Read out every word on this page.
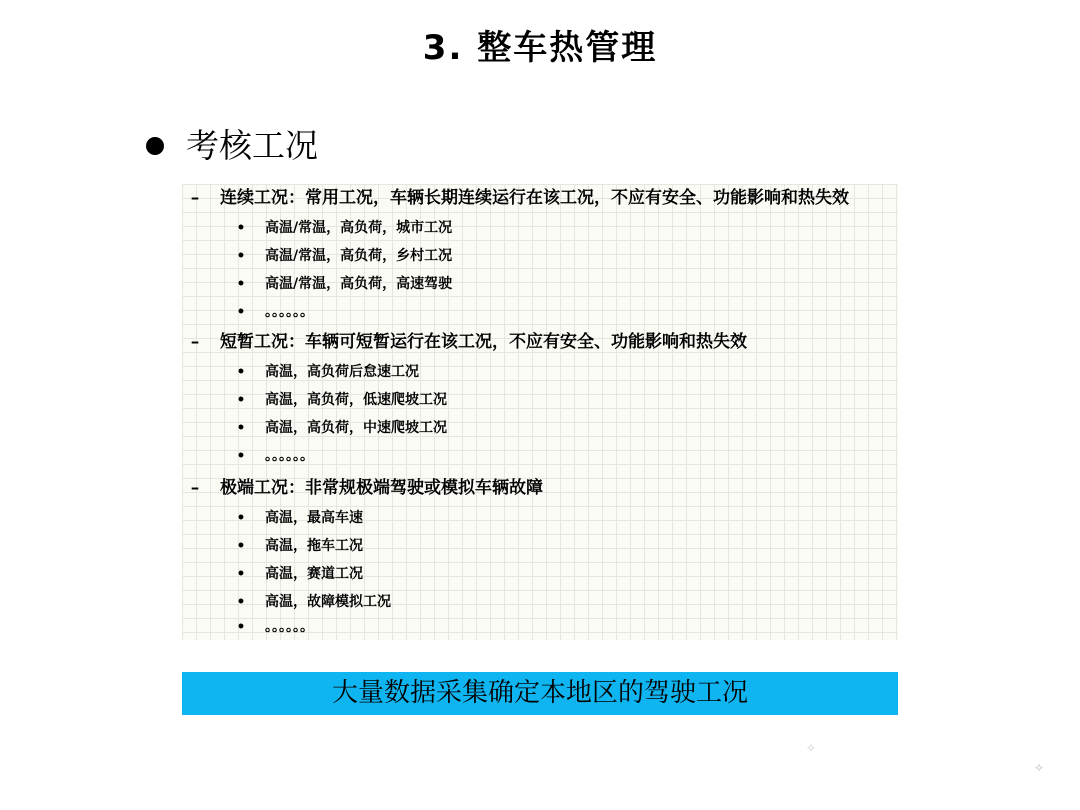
3. 整车热管理
考核工况
– 连续工况：常用工况，车辆长期连续运行在该工况，不应有安全、功能影响和热失效
• 高温/常温，高负荷，城市工况
• 高温/常温，高负荷，乡村工况
• 高温/常温，高负荷，高速驾驶
• 。。。。。。
– 短暂工况：车辆可短暂运行在该工况，不应有安全、功能影响和热失效
• 高温，高负荷后怠速工况
• 高温，高负荷，低速爬坡工况
• 高温，高负荷，中速爬坡工况
• 。。。。。。
– 极端工况：非常规极端驾驶或模拟车辆故障
• 高温，最高车速
• 高温，拖车工况
• 高温，赛道工况
• 高温，故障模拟工况
• 。。。。。。
大量数据采集确定本地区的驾驶工况
✧
✧
